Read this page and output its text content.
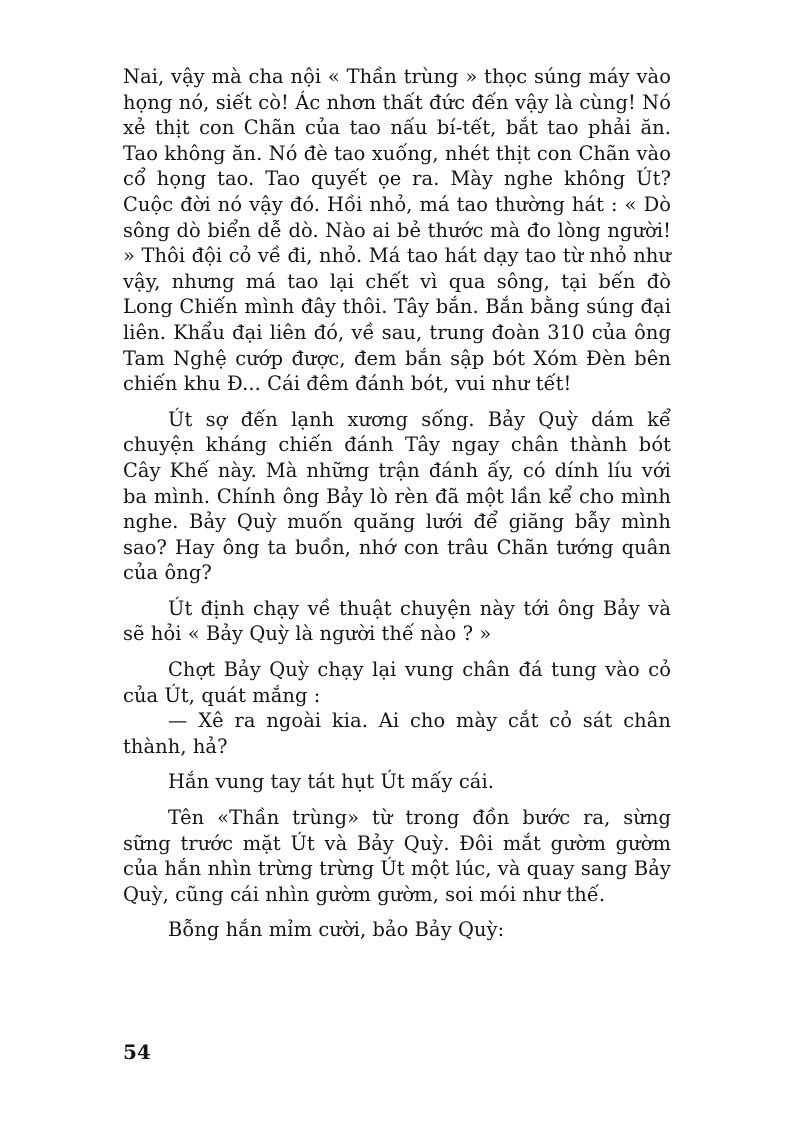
Nai, vậy mà cha nội « Thần trùng » thọc súng máy vào họng nó, siết cò! Ác nhơn thất đức đến vậy là cùng! Nó xẻ thịt con Chãn của tao nấu bí-tết, bắt tao phải ăn. Tao không ăn. Nó đè tao xuống, nhét thịt con Chãn vào cổ họng tao. Tao quyết ọe ra. Mày nghe không Út? Cuộc đời nó vậy đó. Hồi nhỏ, má tao thường hát : « Dò sông dò biển dễ dò. Nào ai bẻ thước mà đo lòng người! » Thôi đội cỏ về đi, nhỏ. Má tao hát dạy tao từ nhỏ như vậy, nhưng má tao lại chết vì qua sông, tại bến đò Long Chiến mình đây thôi. Tây bắn. Bắn bằng súng đại liên. Khẩu đại liên đó, về sau, trung đoàn 310 của ông Tam Nghệ cướp được, đem bắn sập bót Xóm Đèn bên chiến khu Đ... Cái đêm đánh bót, vui như tết!

Út sợ đến lạnh xương sống. Bảy Quỳ dám kể chuyện kháng chiến đánh Tây ngay chân thành bót Cây Khế này. Mà những trận đánh ấy, có dính líu với ba mình. Chính ông Bảy lò rèn đã một lần kể cho mình nghe. Bảy Quỳ muốn quăng lưới để giăng bẫy mình sao? Hay ông ta buồn, nhớ con trâu Chãn tướng quân của ông?

Út định chạy về thuật chuyện này tới ông Bảy và sẽ hỏi « Bảy Quỳ là người thế nào ? »

Chợt Bảy Quỳ chạy lại vung chân đá tung vào cỏ của Út, quát mắng :

— Xê ra ngoài kia. Ai cho mày cắt cỏ sát chân thành, hả?

Hắn vung tay tát hụt Út mấy cái.

Tên «Thần trùng» từ trong đồn bước ra, sừng sững trước mặt Út và Bảy Quỳ. Đôi mắt gườm gườm của hắn nhìn trừng trừng Út một lúc, và quay sang Bảy Quỳ, cũng cái nhìn gườm gườm, soi mói như thế.

Bỗng hắn mỉm cười, bảo Bảy Quỳ:

54
